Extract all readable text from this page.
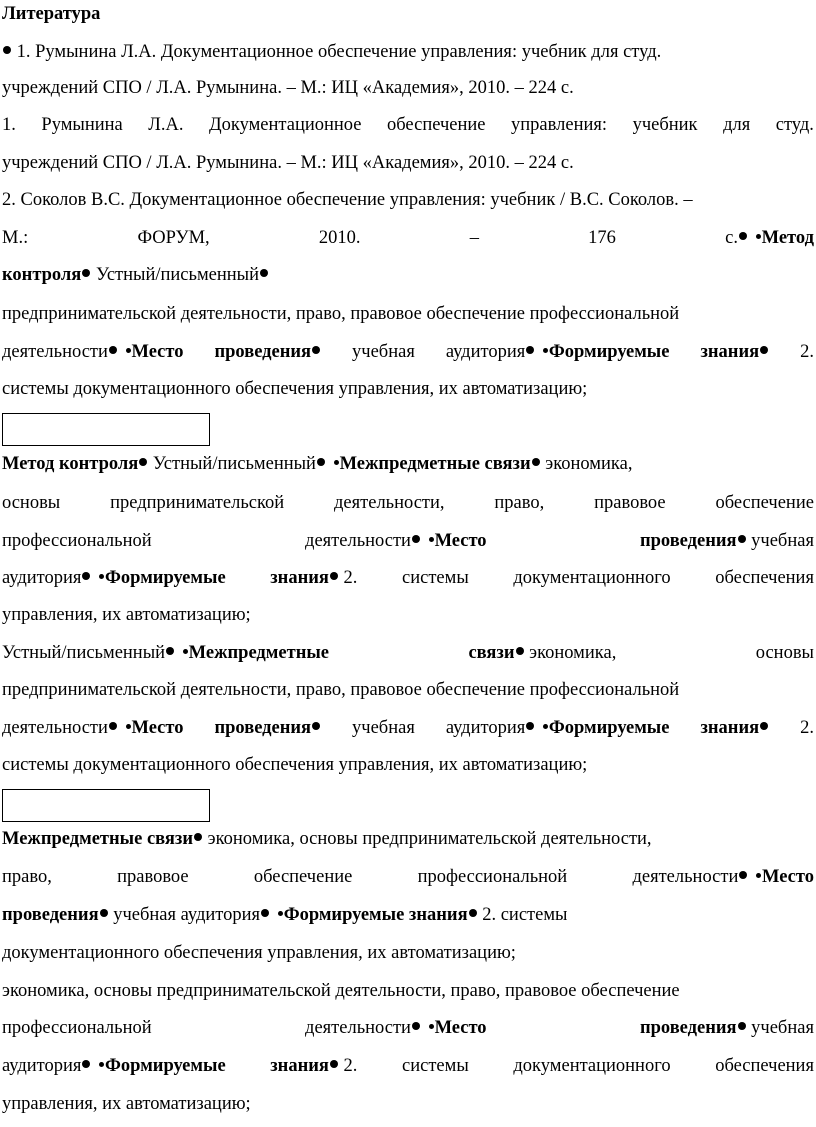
Литература
1. Румынина Л.А. Документационное обеспечение управления: учебник для студ.
учреждений СПО / Л.А. Румынина. – М.: ИЦ «Академия», 2010. – 224 с.
1. Румынина Л.А. Документационное обеспечение управления: учебник для студ.
учреждений СПО / Л.А. Румынина. – М.: ИЦ «Академия», 2010. – 224 с.
2. Соколов В.С. Документационное обеспечение управления: учебник / В.С. Соколов. –
М.:	ФОРУМ,	2010.	–	176	с. Метод
контроля Устный/письменный
предпринимательской деятельности, право, правовое обеспечение профессиональной
деятельности Место проведения	учебная аудитория Формируемые знания	2.
системы документационного обеспечения управления, их автоматизацию;
Метод контроля Устный/письменный Межпредметные связи экономика,
основы	предпринимательской	деятельности,	право,	правовое	обеспечение
профессиональной	деятельности Место	проведения учебная
аудитория Формируемые знания 2. системы документационного обеспечения
управления, их автоматизацию;
Устный/письменный Межпредметные	связи экономика,	основы
предпринимательской деятельности, право, правовое обеспечение профессиональной
деятельности Место проведения	учебная аудитория Формируемые знания	2.
системы документационного обеспечения управления, их автоматизацию;
Межпредметные связи экономика, основы предпринимательской деятельности,
право,	правовое	обеспечение	профессиональной	деятельности Место
проведения учебная аудитория Формируемые знания 2. системы
документационного обеспечения управления, их автоматизацию;
экономика, основы предпринимательской деятельности, право, правовое обеспечение
профессиональной	деятельности Место	проведения учебная
аудитория Формируемые знания 2. системы документационного обеспечения
управления, их автоматизацию;
